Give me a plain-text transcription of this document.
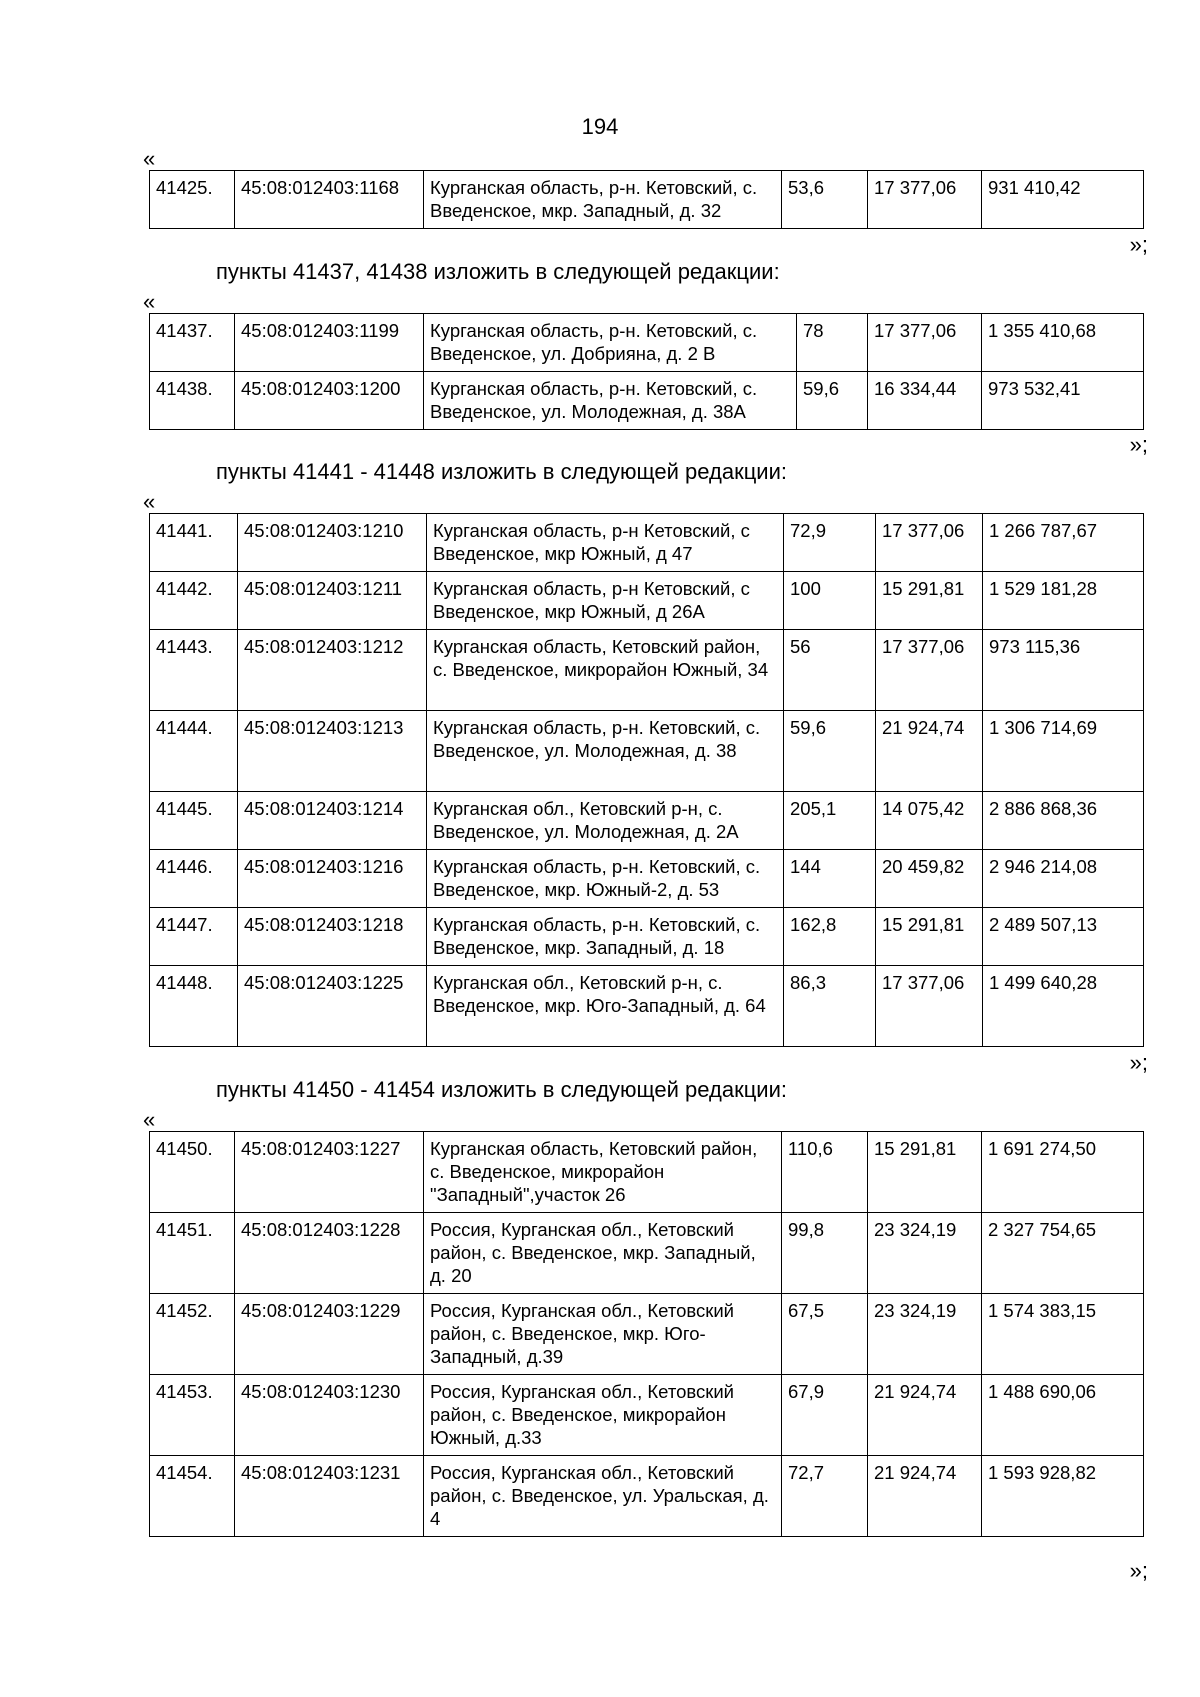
194
«
41425.	45:08:012403:1168	Курганская область, р-н. Кетовский, с. Введенское, мкр. Западный, д. 32	53,6	17 377,06	931 410,42
»;
пункты 41437, 41438 изложить в следующей редакции:
«
41437.	45:08:012403:1199	Курганская область, р-н. Кетовский, с. Введенское, ул. Добрияна, д. 2 В	78	17 377,06	1 355 410,68
41438.	45:08:012403:1200	Курганская область, р-н. Кетовский, с. Введенское, ул. Молодежная, д. 38А	59,6	16 334,44	973 532,41
»;
пункты 41441 - 41448 изложить в следующей редакции:
«
41441.	45:08:012403:1210	Курганская область, р-н Кетовский, с Введенское, мкр Южный, д 47	72,9	17 377,06	1 266 787,67
41442.	45:08:012403:1211	Курганская область, р-н Кетовский, с Введенское, мкр Южный, д 26А	100	15 291,81	1 529 181,28
41443.	45:08:012403:1212	Курганская область, Кетовский район, с. Введенское, микрорайон Южный, 34	56	17 377,06	973 115,36
41444.	45:08:012403:1213	Курганская область, р-н. Кетовский, с. Введенское, ул. Молодежная, д. 38	59,6	21 924,74	1 306 714,69
41445.	45:08:012403:1214	Курганская обл., Кетовский р-н, с. Введенское, ул. Молодежная, д. 2А	205,1	14 075,42	2 886 868,36
41446.	45:08:012403:1216	Курганская область, р-н. Кетовский, с. Введенское, мкр. Южный-2, д. 53	144	20 459,82	2 946 214,08
41447.	45:08:012403:1218	Курганская область, р-н. Кетовский, с. Введенское, мкр. Западный, д. 18	162,8	15 291,81	2 489 507,13
41448.	45:08:012403:1225	Курганская обл., Кетовский р-н, с. Введенское, мкр. Юго-Западный, д. 64	86,3	17 377,06	1 499 640,28
»;
пункты 41450 - 41454 изложить в следующей редакции:
«
41450.	45:08:012403:1227	Курганская область, Кетовский район, с. Введенское, микрорайон "Западный",участок 26	110,6	15 291,81	1 691 274,50
41451.	45:08:012403:1228	Россия, Курганская обл., Кетовский район, с. Введенское, мкр. Западный, д. 20	99,8	23 324,19	2 327 754,65
41452.	45:08:012403:1229	Россия, Курганская обл., Кетовский район, с. Введенское, мкр. Юго-Западный, д.39	67,5	23 324,19	1 574 383,15
41453.	45:08:012403:1230	Россия, Курганская обл., Кетовский район, с. Введенское, микрорайон Южный, д.33	67,9	21 924,74	1 488 690,06
41454.	45:08:012403:1231	Россия, Курганская обл., Кетовский район, с. Введенское, ул. Уральская, д. 4	72,7	21 924,74	1 593 928,82
»;
